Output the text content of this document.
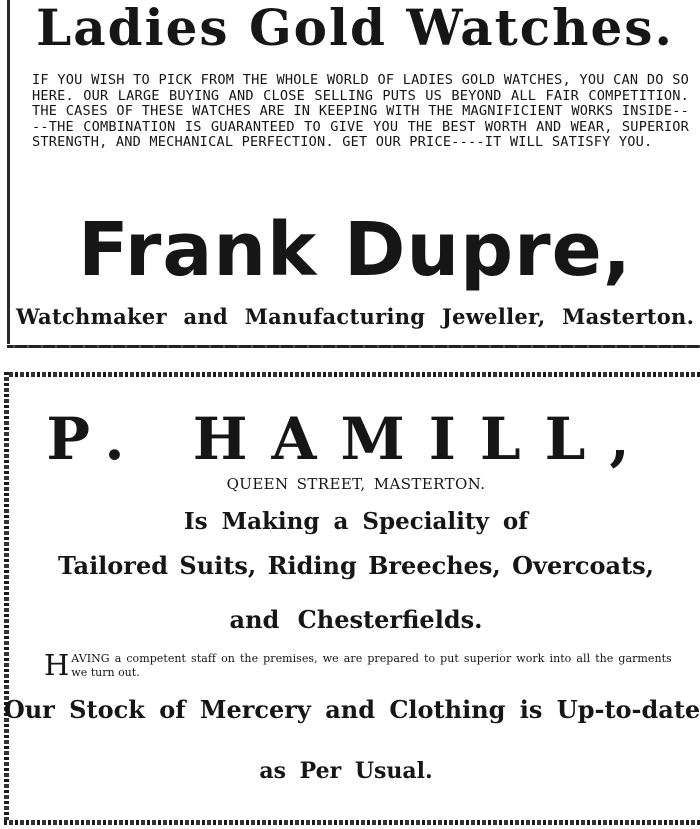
Ladies Gold Watches.

IF YOU WISH TO PICK FROM THE WHOLE WORLD OF LADIES GOLD WATCHES, YOU CAN DO SO HERE. OUR LARGE BUYING AND CLOSE SELLING PUTS US BEYOND ALL FAIR COMPETITION. THE CASES OF THESE WATCHES ARE IN KEEPING WITH THE MAGNIFICIENT WORKS INSIDE----THE COMBINATION IS GUARANTEED TO GIVE YOU THE BEST WORTH AND WEAR, SUPERIOR STRENGTH, AND MECHANICAL PERFECTION. GET OUR PRICE----IT WILL SATISFY YOU.

Frank Dupre,
Watchmaker and Manufacturing Jeweller, Masterton.
P. HAMILL,
QUEEN STREET, MASTERTON.
Is Making a Speciality of
Tailored Suits, Riding Breeches, Overcoats,
and Chesterfields.
H AVING a competent staff on the premises, we are prepared to put superior work into all the garments
we turn out.
Our Stock of Mercery and Clothing is Up-to-date
as Per Usual.
